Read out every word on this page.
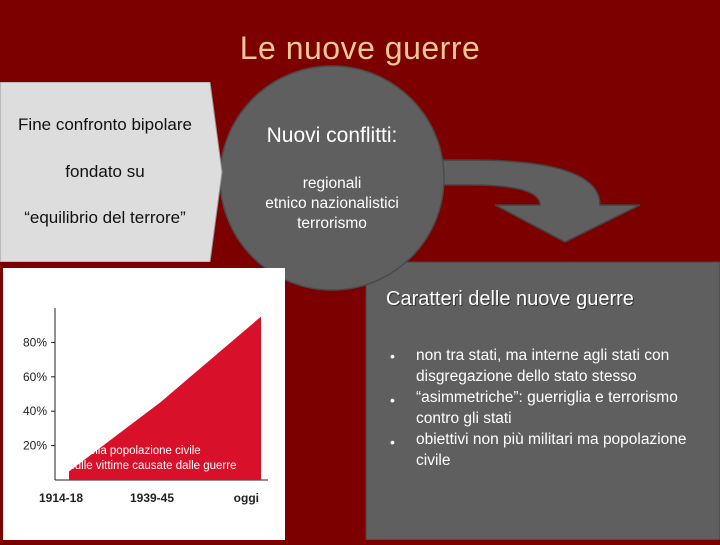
Le nuove guerre
Fine confronto bipolare
fondato su
“equilibrio del terrore”
Nuovi conflitti:
regionali
etnico nazionalistici
terrorismo
80%
60%
40%
20%
1914-18	1939-45	oggi
% della popolazione civile
sulle vittime causate dalle guerre
Caratteri delle nuove guerre
•
•
•
non tra stati, ma interne agli stati con disgregazione dello stato stesso
“asimmetriche”: guerriglia e terrorismo contro gli stati
obiettivi non più militari ma popolazione civile
